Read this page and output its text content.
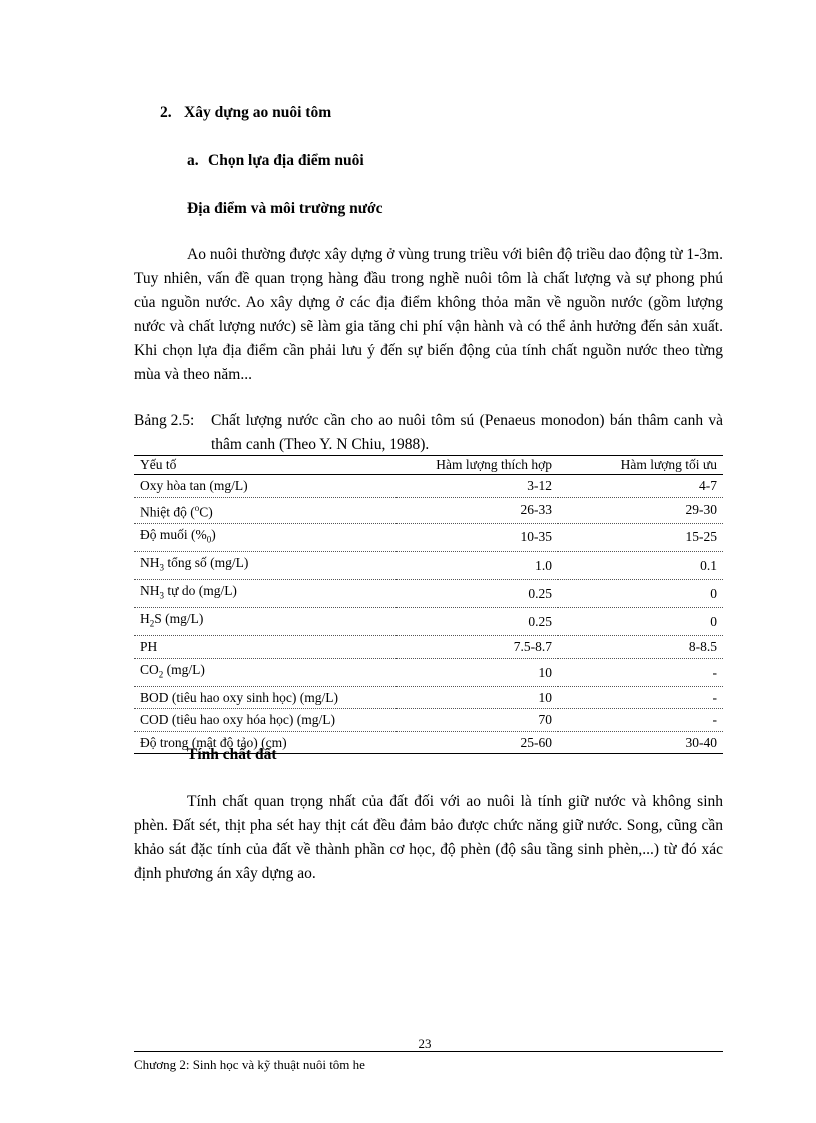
2. Xây dựng ao nuôi tôm
a. Chọn lựa địa điểm nuôi
Địa điểm và môi trường nước
Ao nuôi thường được xây dựng ở vùng trung triều với biên độ triều dao động từ 1-3m. Tuy nhiên, vấn đề quan trọng hàng đầu trong nghề nuôi tôm là chất lượng và sự phong phú của nguồn nước. Ao xây dựng ở các địa điểm không thỏa mãn về nguồn nước (gồm lượng nước và chất lượng nước) sẽ làm gia tăng chi phí vận hành và có thể ảnh hưởng đến sản xuất. Khi chọn lựa địa điểm cần phải lưu ý đến sự biến động của tính chất nguồn nước theo từng mùa và theo năm...
Bảng 2.5:	Chất lượng nước cần cho ao nuôi tôm sú (Penaeus monodon) bán thâm canh và thâm canh (Theo Y. N Chiu, 1988).
Yếu tố	Hàm lượng thích hợp	Hàm lượng tối ưu
Oxy hòa tan (mg/L)	3-12	4-7
Nhiệt độ ($^o$C)	26-33	29-30
Độ muối $(\%_0)$	10-35	15-25
$NH_3$ tổng số (mg/L)	1.0	0.1
$NH_3$ tự do (mg/L)	0.25	0
$H_2S$ (mg/L)	0.25	0
PH	7.5-8.7	8-8.5
$CO_2$ (mg/L)	10	-
BOD (tiêu hao oxy sinh học) (mg/L)	10	-
COD (tiêu hao oxy hóa học) (mg/L)	70	-
Độ trong (mật độ tảo) (cm)	25-60	30-40
Tính chất đất
Tính chất quan trọng nhất của đất đối với ao nuôi là tính giữ nước và không sinh phèn. Đất sét, thịt pha sét hay thịt cát đều đảm bảo được chức năng giữ nước. Song, cũng cần khảo sát đặc tính của đất về thành phần cơ học, độ phèn (độ sâu tầng sinh phèn,...) từ đó xác định phương án xây dựng ao.
23
Chương 2: Sinh học và kỹ thuật nuôi tôm he
